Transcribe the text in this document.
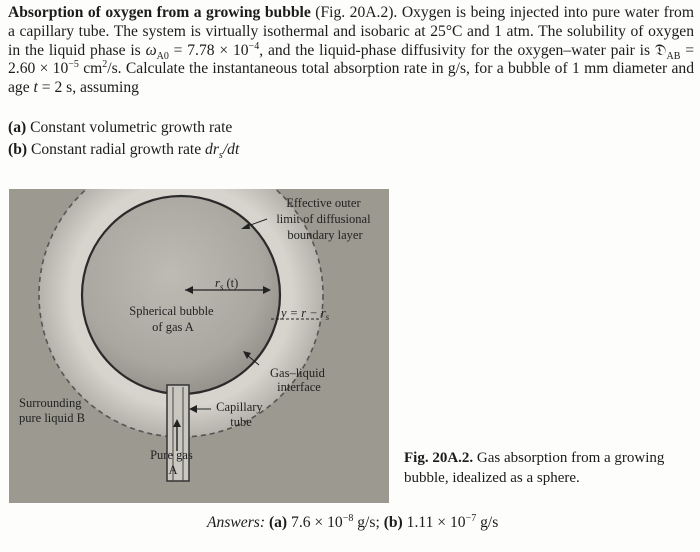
Absorption of oxygen from a growing bubble (Fig. 20A.2). Oxygen is being injected into pure water from a capillary tube. The system is virtually isothermal and isobaric at 25°C and 1 atm. The solubility of oxygen in the liquid phase is $\omega_{A0} = 7.78 \times 10^{-4}$, and the liquid-phase diffusivity for the oxygen–water pair is 𝔇$_{AB}$ = $2.60 \times 10^{-5}$ $cm^2/s$. Calculate the instantaneous total absorption rate in g/s, for a bubble of 1 mm diameter and age t = 2 s, assuming

(a) Constant volumetric growth rate
(b) Constant radial growth rate $dr_s/dt$
Effective outer limit of diffusional boundary layer
$r_s$ (t)
Spherical bubble of gas A
$y = r - r_s$
Gas–liquid interface
Surrounding pure liquid B
Capillary tube
Pure gas A
Fig. 20A.2. Gas absorption from a growing bubble, idealized as a sphere.
Answers: (a) $7.6 \times 10^{-8}$ g/s; (b) $1.11 \times 10^{-7}$ g/s
